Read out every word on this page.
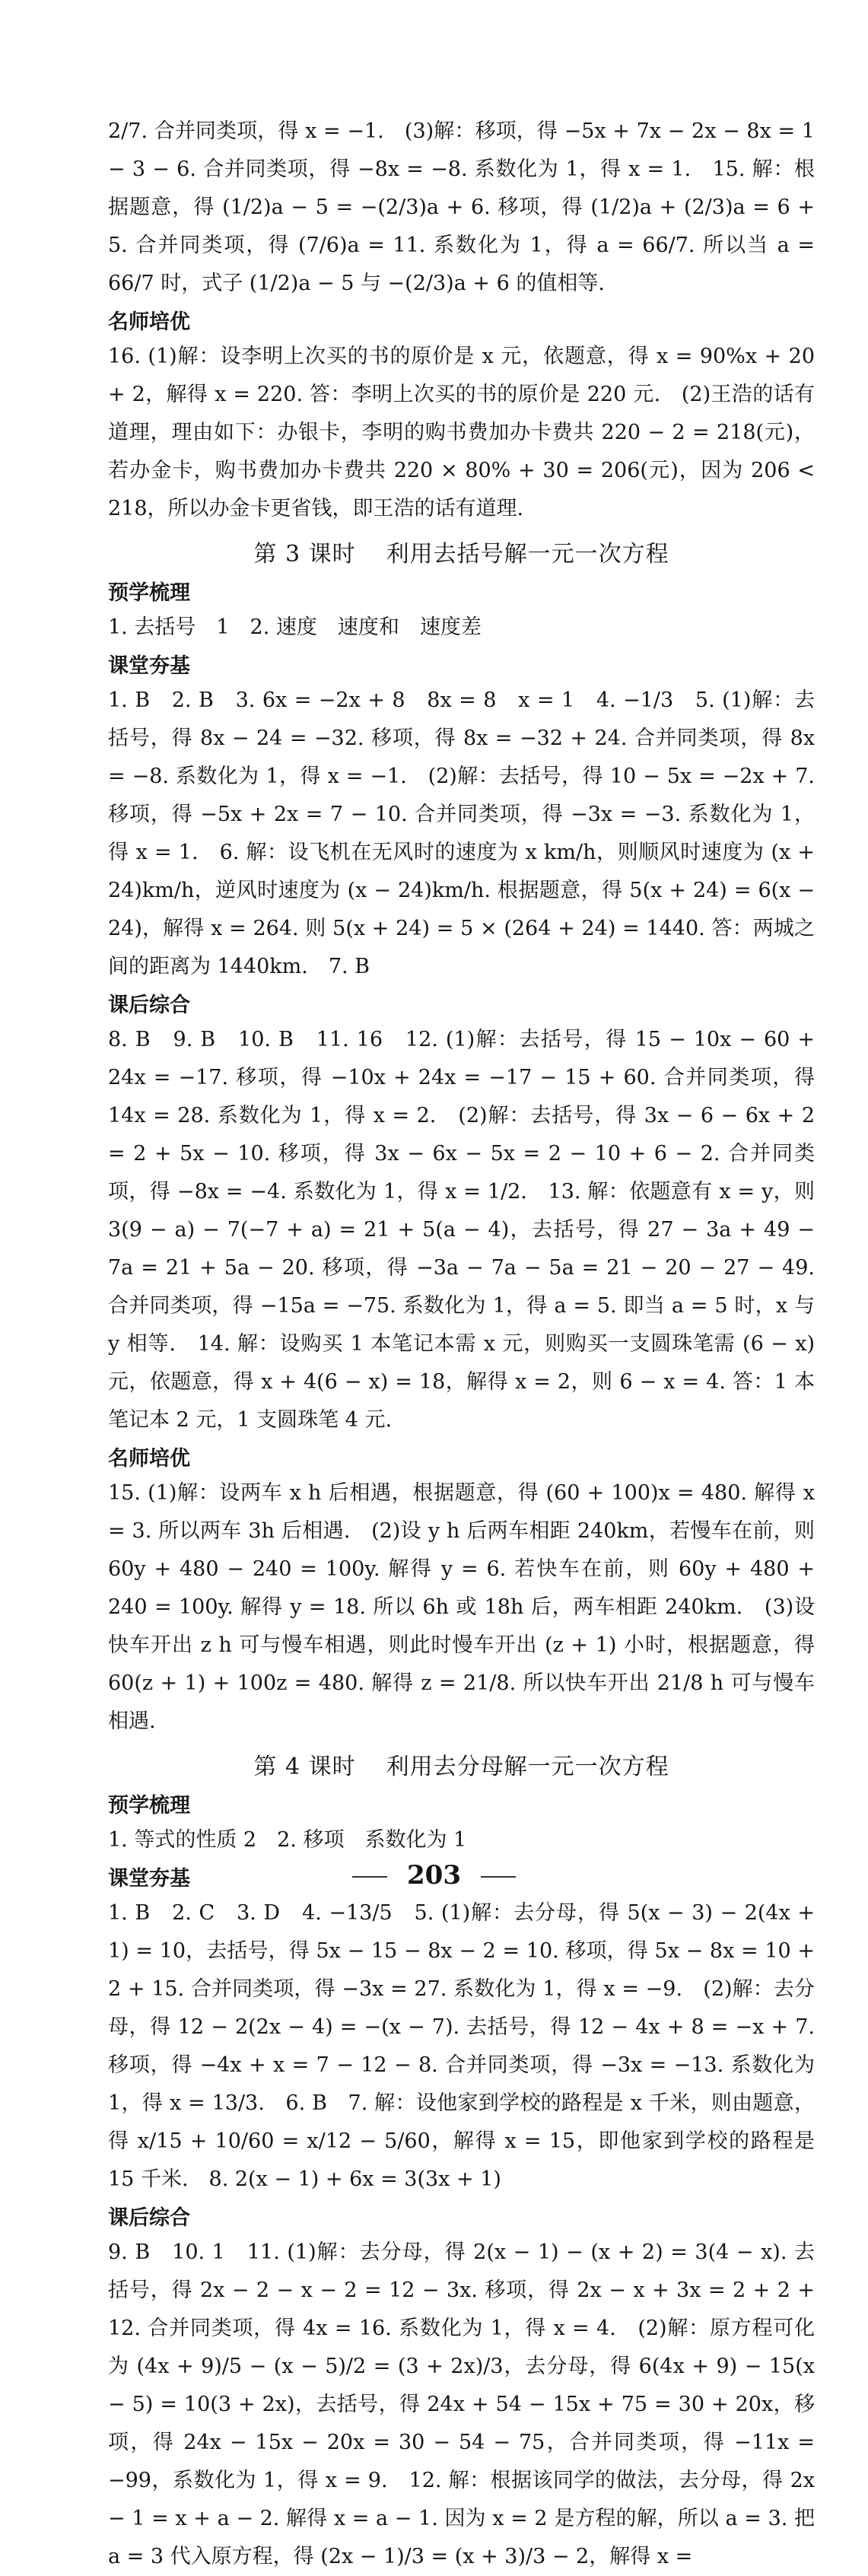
2/7. 合并同类项，得 x = −1.　(3)解：移项，得 −5x + 7x − 2x − 8x = 1 − 3 − 6. 合并同类项，得 −8x = −8. 系数化为 1，得 x = 1.　15. 解：根据题意，得 (1/2)a − 5 = −(2/3)a + 6. 移项，得 (1/2)a + (2/3)a = 6 + 5. 合并同类项，得 (7/6)a = 11. 系数化为 1，得 a = 66/7. 所以当 a = 66/7 时，式子 (1/2)a − 5 与 −(2/3)a + 6 的值相等.

名师培优

16. (1)解：设李明上次买的书的原价是 x 元，依题意，得 x = 90%x + 20 + 2，解得 x = 220. 答：李明上次买的书的原价是 220 元.　(2)王浩的话有道理，理由如下：办银卡，李明的购书费加办卡费共 220 − 2 = 218(元)，若办金卡，购书费加办卡费共 220 × 80% + 30 = 206(元)，因为 206 < 218，所以办金卡更省钱，即王浩的话有道理.

第 3 课时 利用去括号解一元一次方程
预学梳理

1. 去括号　1　2. 速度　速度和　速度差

课堂夯基

1. B　2. B　3. 6x = −2x + 8　8x = 8　x = 1　4. −1/3　5. (1)解：去括号，得 8x − 24 = −32. 移项，得 8x = −32 + 24. 合并同类项，得 8x = −8. 系数化为 1，得 x = −1.　(2)解：去括号，得 10 − 5x = −2x + 7. 移项，得 −5x + 2x = 7 − 10. 合并同类项，得 −3x = −3. 系数化为 1，得 x = 1.　6. 解：设飞机在无风时的速度为 x km/h，则顺风时速度为 (x + 24)km/h，逆风时速度为 (x − 24)km/h. 根据题意，得 5(x + 24) = 6(x − 24)，解得 x = 264. 则 5(x + 24) = 5 × (264 + 24) = 1440. 答：两城之间的距离为 1440km.　7. B

课后综合

8. B　9. B　10. B　11. 16　12. (1)解：去括号，得 15 − 10x − 60 + 24x = −17. 移项，得 −10x + 24x = −17 − 15 + 60. 合并同类项，得 14x = 28. 系数化为 1，得 x = 2.　(2)解：去括号，得 3x − 6 − 6x + 2 = 2 + 5x − 10. 移项，得 3x − 6x − 5x = 2 − 10 + 6 − 2. 合并同类项，得 −8x = −4. 系数化为 1，得 x = 1/2.　13. 解：依题意有 x = y，则 3(9 − a) − 7(−7 + a) = 21 + 5(a − 4)，去括号，得 27 − 3a + 49 − 7a = 21 + 5a − 20. 移项，得 −3a − 7a − 5a = 21 − 20 − 27 − 49. 合并同类项，得 −15a = −75. 系数化为 1，得 a = 5. 即当 a = 5 时，x 与 y 相等.　14. 解：设购买 1 本笔记本需 x 元，则购买一支圆珠笔需 (6 − x) 元，依题意，得 x + 4(6 − x) = 18，解得 x = 2，则 6 − x = 4. 答：1 本笔记本 2 元，1 支圆珠笔 4 元.

名师培优

15. (1)解：设两车 x h 后相遇，根据题意，得 (60 + 100)x = 480. 解得 x = 3. 所以两车 3h 后相遇.　(2)设 y h 后两车相距 240km，若慢车在前，则 60y + 480 − 240 = 100y. 解得 y = 6. 若快车在前，则 60y + 480 + 240 = 100y. 解得 y = 18. 所以 6h 或 18h 后，两车相距 240km.　(3)设快车开出 z h 可与慢车相遇，则此时慢车开出 (z + 1) 小时，根据题意，得 60(z + 1) + 100z = 480. 解得 z = 21/8. 所以快车开出 21/8 h 可与慢车相遇.

第 4 课时 利用去分母解一元一次方程
预学梳理

1. 等式的性质 2　2. 移项　系数化为 1

课堂夯基

1. B　2. C　3. D　4. −13/5　5. (1)解：去分母，得 5(x − 3) − 2(4x + 1) = 10，去括号，得 5x − 15 − 8x − 2 = 10. 移项，得 5x − 8x = 10 + 2 + 15. 合并同类项，得 −3x = 27. 系数化为 1，得 x = −9.　(2)解：去分母，得 12 − 2(2x − 4) = −(x − 7). 去括号，得 12 − 4x + 8 = −x + 7. 移项，得 −4x + x = 7 − 12 − 8. 合并同类项，得 −3x = −13. 系数化为 1，得 x = 13/3.　6. B　7. 解：设他家到学校的路程是 x 千米，则由题意，得 x/15 + 10/60 = x/12 − 5/60，解得 x = 15，即他家到学校的路程是 15 千米.　8. 2(x − 1) + 6x = 3(3x + 1)

课后综合

9. B　10. 1　11. (1)解：去分母，得 2(x − 1) − (x + 2) = 3(4 − x). 去括号，得 2x − 2 − x − 2 = 12 − 3x. 移项，得 2x − x + 3x = 2 + 2 + 12. 合并同类项，得 4x = 16. 系数化为 1，得 x = 4.　(2)解：原方程可化为 (4x + 9)/5 − (x − 5)/2 = (3 + 2x)/3，去分母，得 6(4x + 9) − 15(x − 5) = 10(3 + 2x)，去括号，得 24x + 54 − 15x + 75 = 30 + 20x，移项，得 24x − 15x − 20x = 30 − 54 − 75，合并同类项，得 −11x = −99，系数化为 1，得 x = 9.　12. 解：根据该同学的做法，去分母，得 2x − 1 = x + a − 2. 解得 x = a − 1. 因为 x = 2 是方程的解，所以 a = 3. 把 a = 3 代入原方程，得 (2x − 1)/3 = (x + 3)/3 − 2，解得 x =

203
